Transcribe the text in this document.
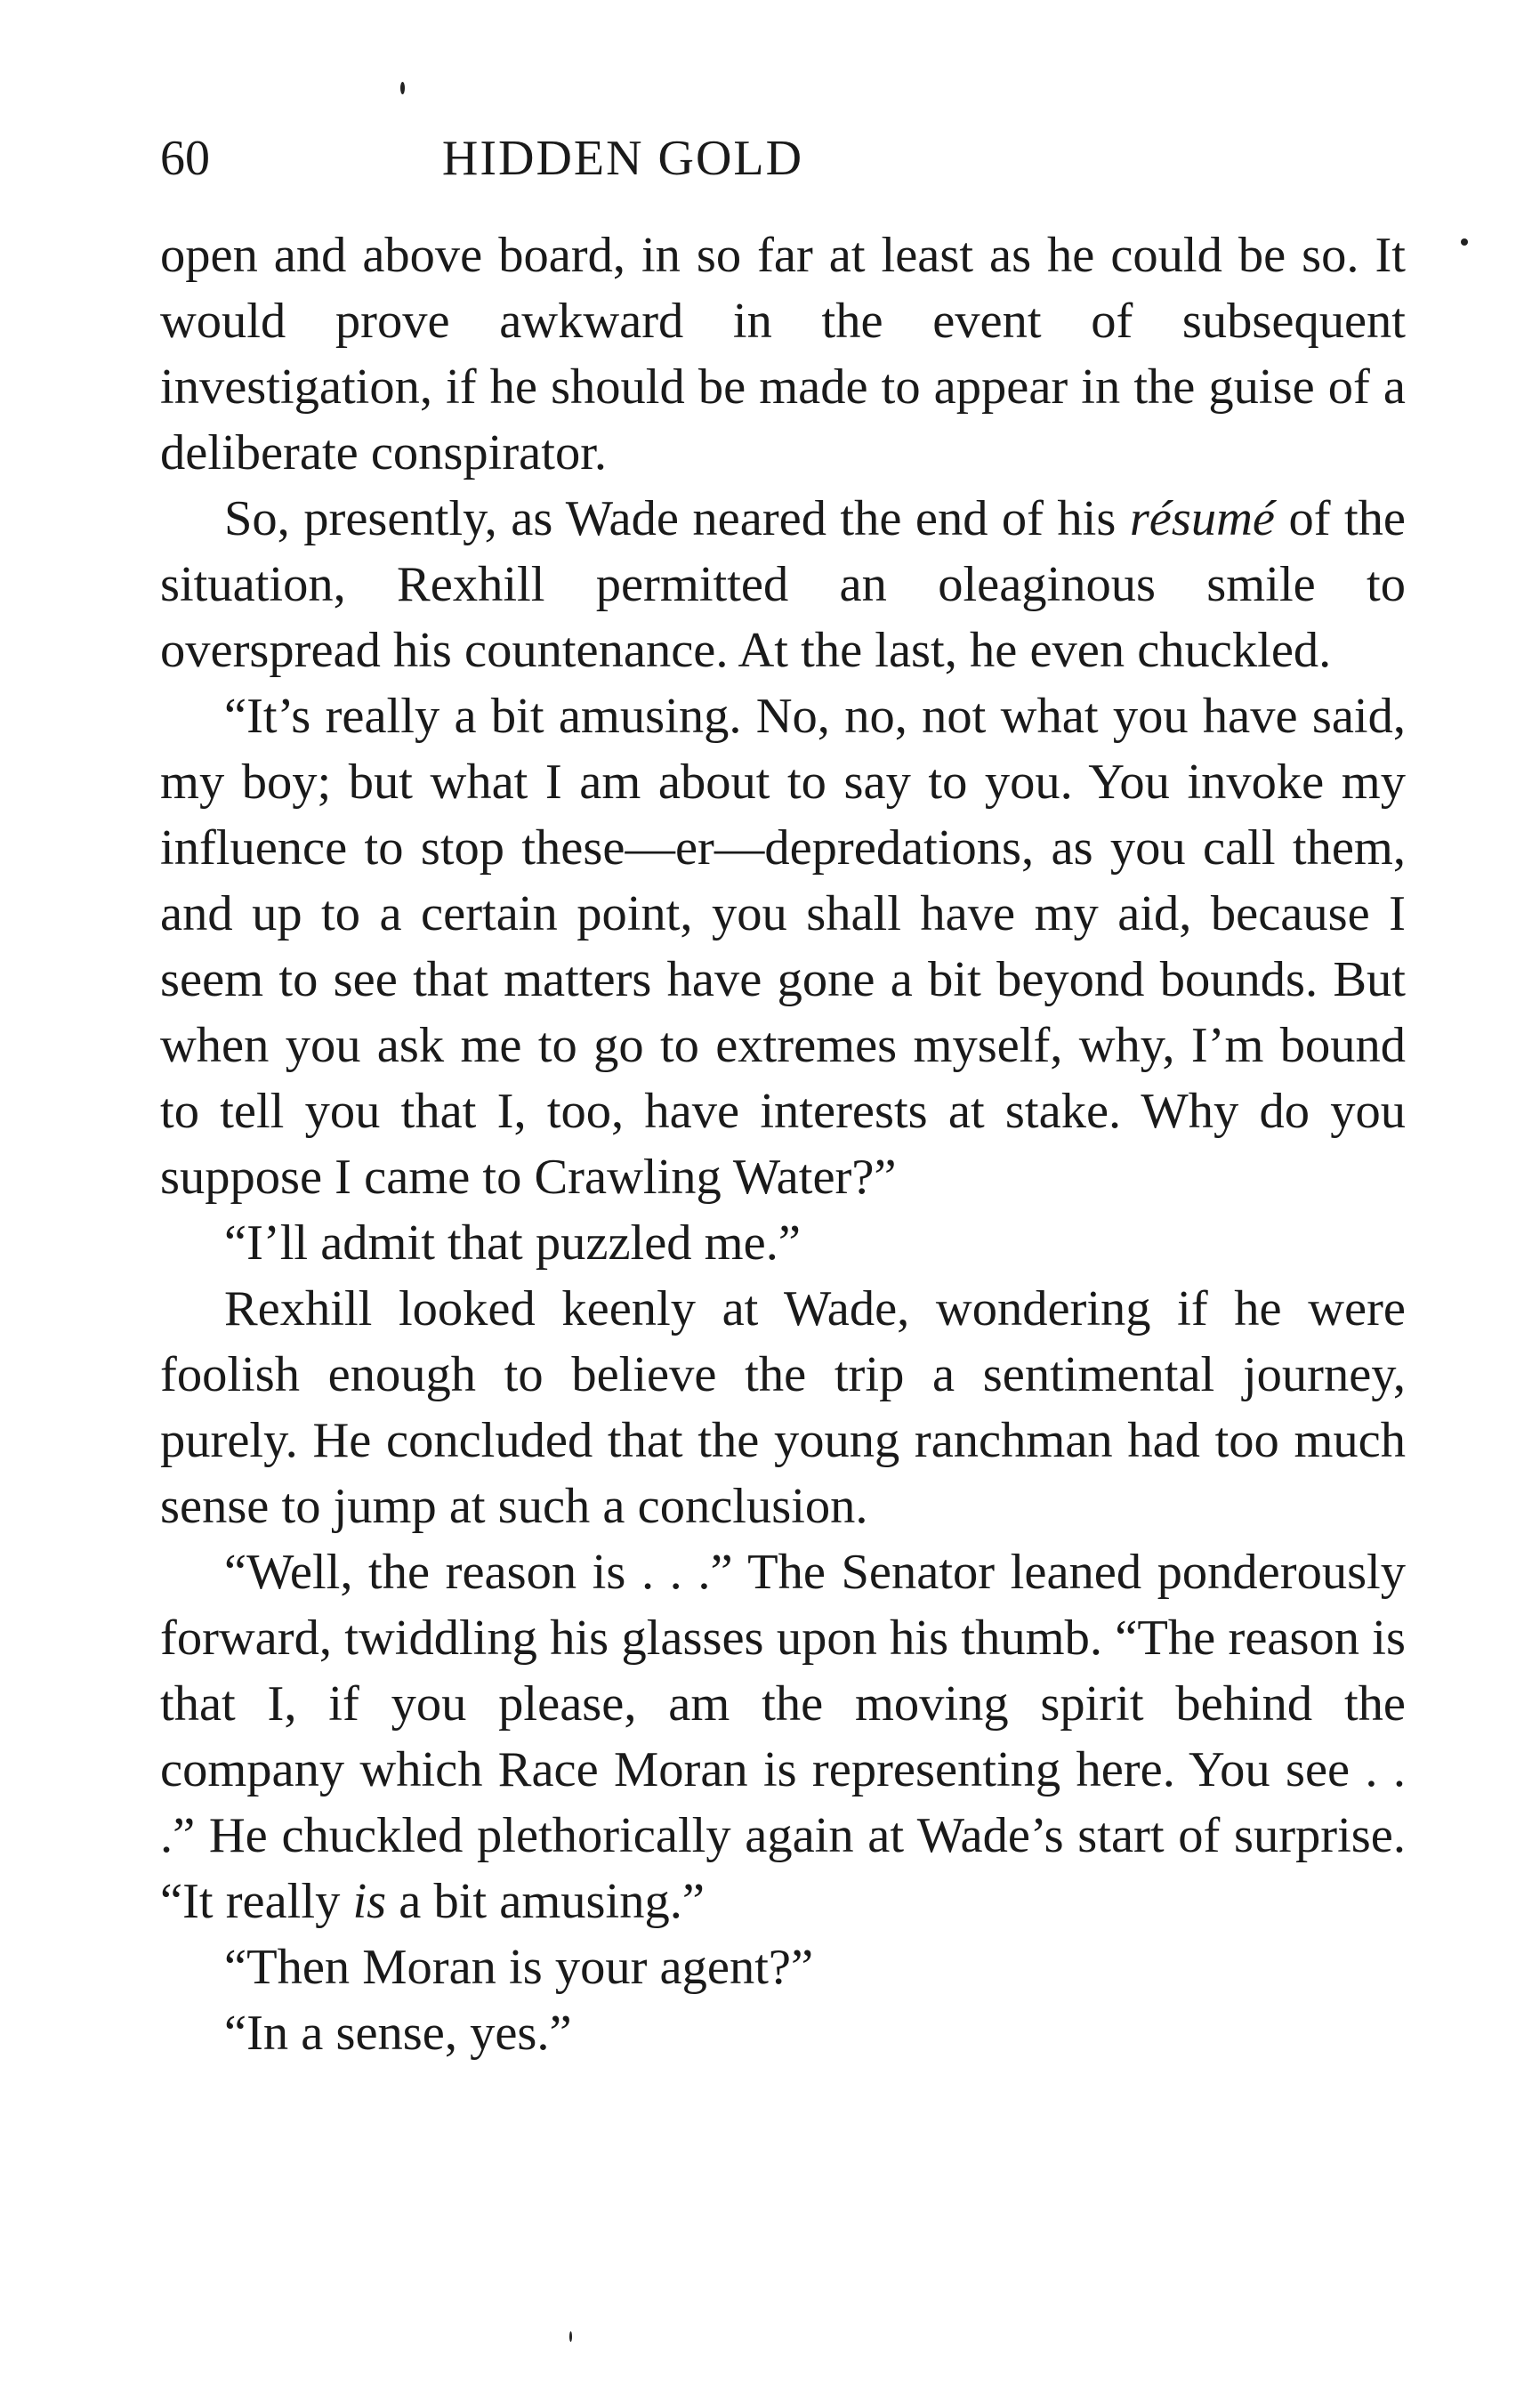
60	HIDDEN GOLD

open and above board, in so far at least as he could be so. It would prove awkward in the event of subsequent investigation, if he should be made to appear in the guise of a deliberate conspirator.

So, presently, as Wade neared the end of his résumé of the situation, Rexhill permitted an oleaginous smile to overspread his countenance. At the last, he even chuckled.

“It’s really a bit amusing. No, no, not what you have said, my boy; but what I am about to say to you. You invoke my influence to stop these—er—depredations, as you call them, and up to a certain point, you shall have my aid, because I seem to see that matters have gone a bit beyond bounds. But when you ask me to go to extremes myself, why, I’m bound to tell you that I, too, have interests at stake. Why do you suppose I came to Crawling Water?”

“I’ll admit that puzzled me.”

Rexhill looked keenly at Wade, wondering if he were foolish enough to believe the trip a sentimental journey, purely. He concluded that the young ranchman had too much sense to jump at such a conclusion.

“Well, the reason is . . .” The Senator leaned ponderously forward, twiddling his glasses upon his thumb. “The reason is that I, if you please, am the moving spirit behind the company which Race Moran is representing here. You see . . .” He chuckled plethorically again at Wade’s start of surprise. “It really is a bit amusing.”

“Then Moran is your agent?”

“In a sense, yes.”
